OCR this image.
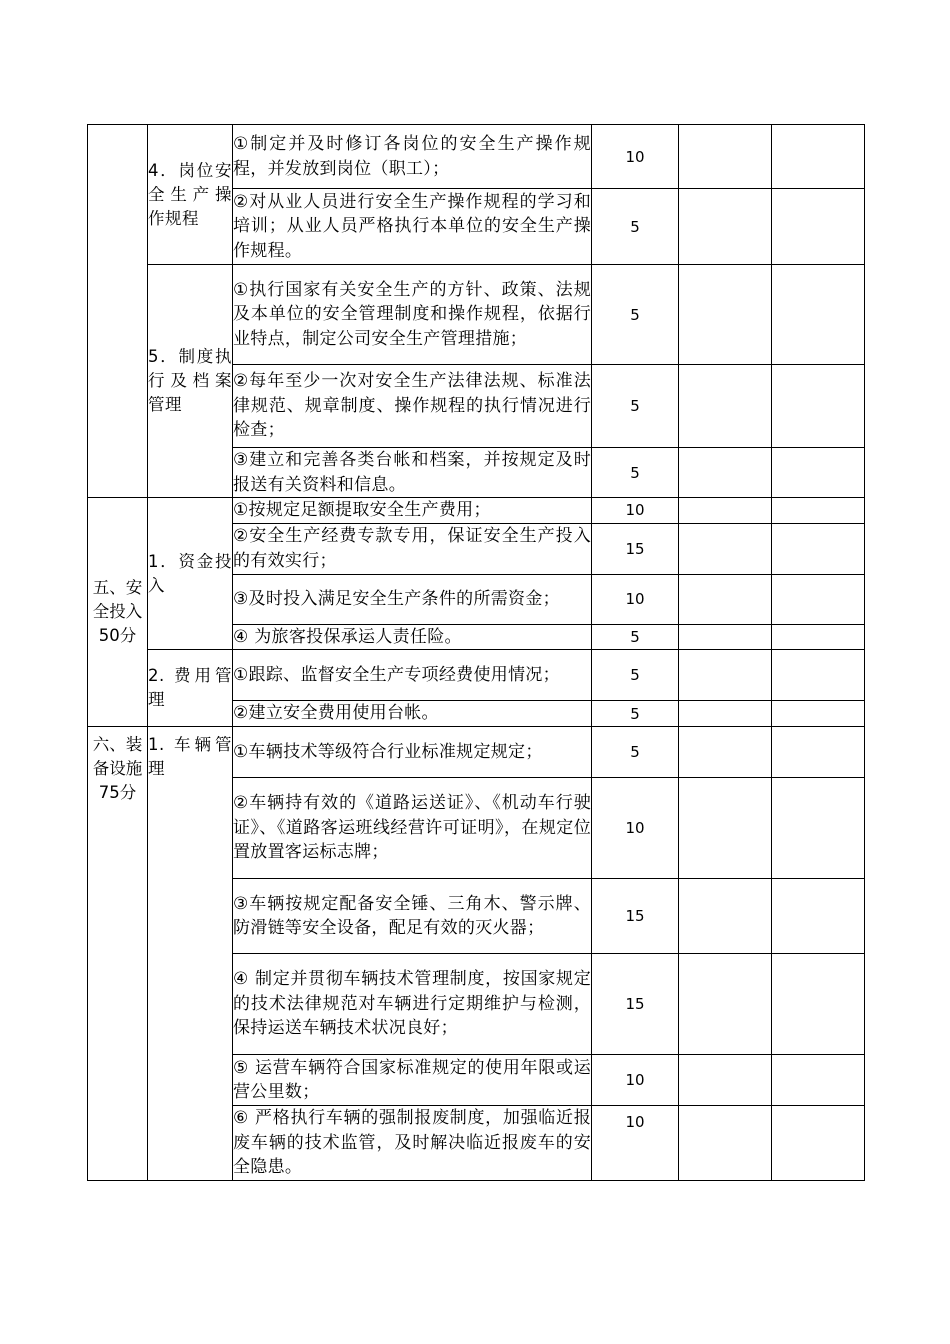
	4．岗位安全生产操作规程	①制定并及时修订各岗位的安全生产操作规程，并发放到岗位（职工）；	10		
		②对从业人员进行安全生产操作规程的学习和培训；从业人员严格执行本单位的安全生产操作规程。	5		
	5．制度执行及档案管理	①执行国家有关安全生产的方针、政策、法规及本单位的安全管理制度和操作规程，依据行业特点，制定公司安全生产管理措施；	5		
		②每年至少一次对安全生产法律法规、标准法律规范、规章制度、操作规程的执行情况进行检查；	5		
		③建立和完善各类台帐和档案，并按规定及时报送有关资料和信息。	5		
五、安全投入50分	1．资金投入	①按规定足额提取安全生产费用；	10		
		②安全生产经费专款专用，保证安全生产投入的有效实行；	15		
		③及时投入满足安全生产条件的所需资金；	10		
		④ 为旅客投保承运人责任险。	5		
	2. 费用管理	①跟踪、监督安全生产专项经费使用情况；	5		
		②建立安全费用使用台帐。	5		
六、装备设施75分	1. 车辆管理	①车辆技术等级符合行业标准规定规定；	5		
		②车辆持有效的《道路运送证》、《机动车行驶证》、《道路客运班线经营许可证明》，在规定位置放置客运标志牌；	10		
		③车辆按规定配备安全锤、三角木、警示牌、防滑链等安全设备，配足有效的灭火器；	15		
		④ 制定并贯彻车辆技术管理制度，按国家规定的技术法律规范对车辆进行定期维护与检测，保持运送车辆技术状况良好；	15		
		⑤ 运营车辆符合国家标准规定的使用年限或运营公里数；	10		
		⑥ 严格执行车辆的强制报废制度，加强临近报废车辆的技术监管，及时解决临近报废车的安全隐患。	10		
